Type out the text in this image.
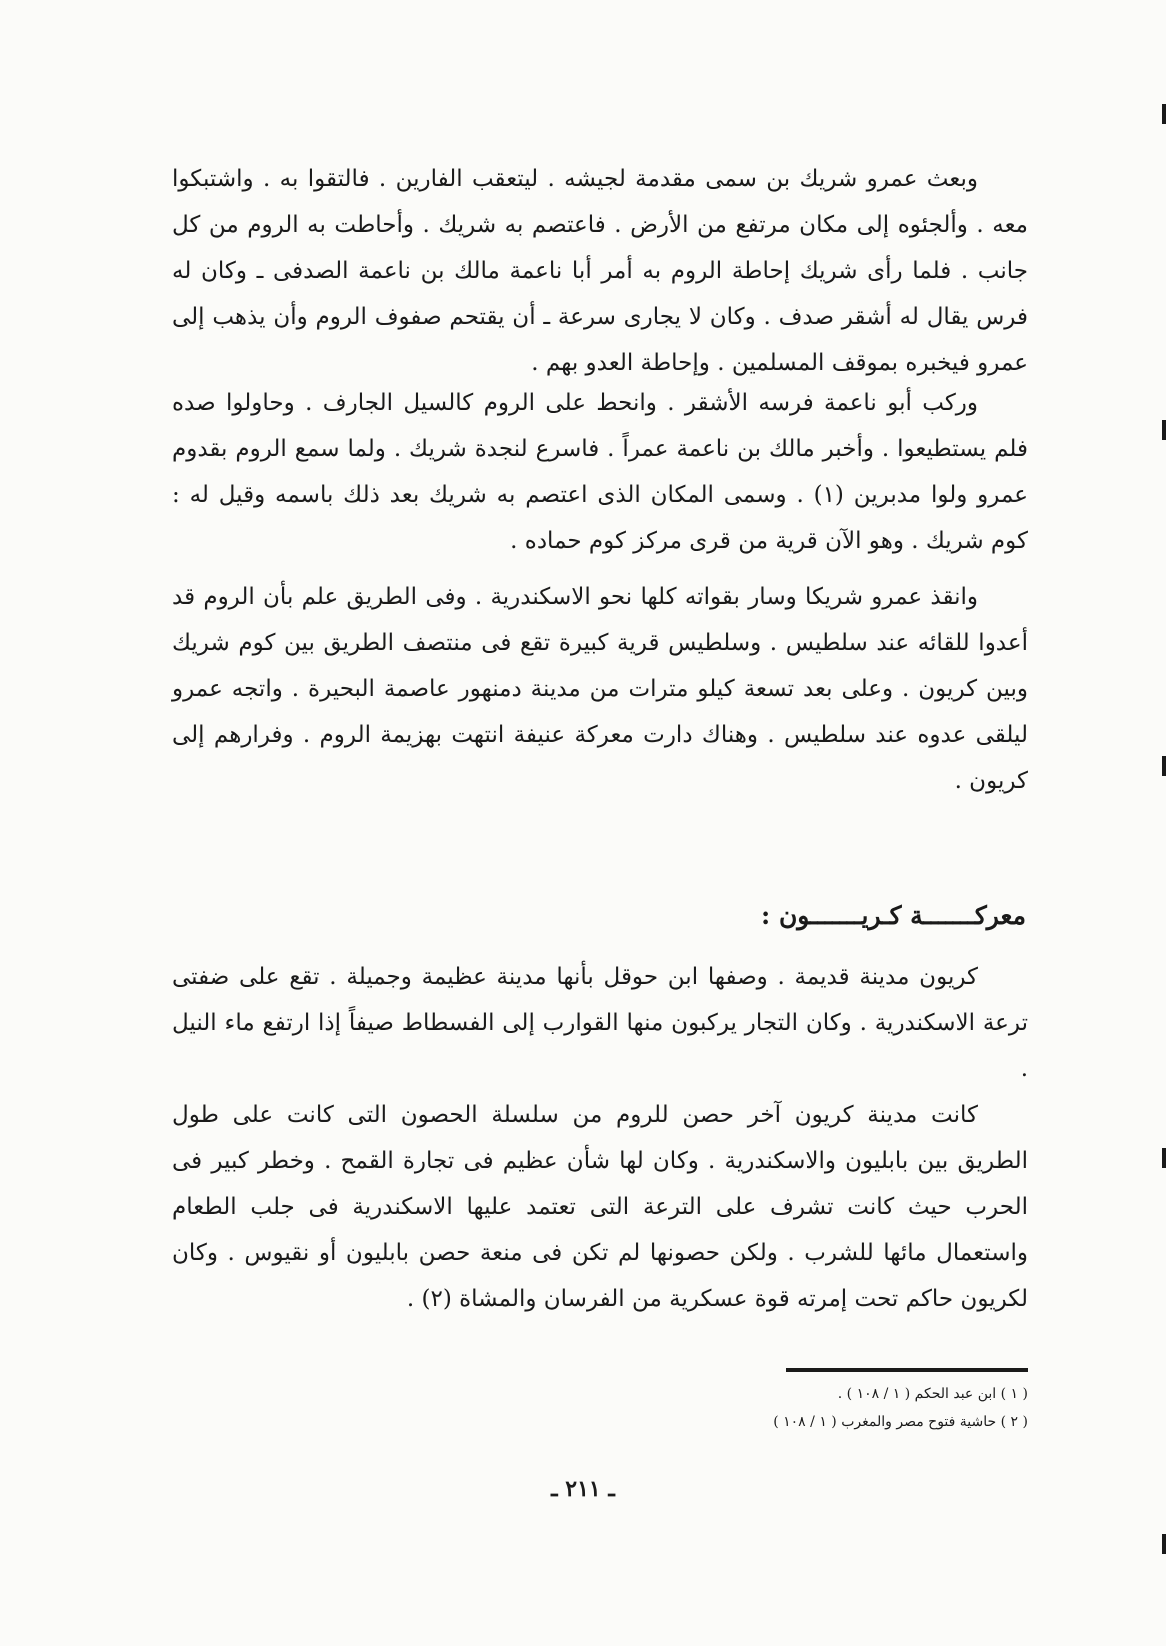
وبعث عمرو شريك بن سمى مقدمة لجيشه . ليتعقب الفارين . فالتقوا به . واشتبكوا معه . وألجئوه إلى مكان مرتفع من الأرض . فاعتصم به شريك . وأحاطت به الروم من كل جانب . فلما رأى شريك إحاطة الروم به أمر أبا ناعمة مالك بن ناعمة الصدفى ـ وكان له فرس يقال له أشقر صدف . وكان لا يجارى سرعة ـ أن يقتحم صفوف الروم وأن يذهب إلى عمرو فيخبره بموقف المسلمين . وإحاطة العدو بهم .

وركب أبو ناعمة فرسه الأشقر . وانحط على الروم كالسيل الجارف . وحاولوا صده فلم يستطيعوا . وأخبر مالك بن ناعمة عمراً . فاسرع لنجدة شريك . ولما سمع الروم بقدوم عمرو ولوا مدبرين (١) . وسمى المكان الذى اعتصم به شريك بعد ذلك باسمه وقيل له : كوم شريك . وهو الآن قرية من قرى مركز كوم حماده .

وانقذ عمرو شريكا وسار بقواته كلها نحو الاسكندرية . وفى الطريق علم بأن الروم قد أعدوا للقائه عند سلطيس . وسلطيس قرية كبيرة تقع فى منتصف الطريق بين كوم شريك وبين كريون . وعلى بعد تسعة كيلو مترات من مدينة دمنهور عاصمة البحيرة . واتجه عمرو ليلقى عدوه عند سلطيس . وهناك دارت معركة عنيفة انتهت بهزيمة الروم . وفرارهم إلى كريون .

معركـــــــة كـريـــــــون :

كريون مدينة قديمة . وصفها ابن حوقل بأنها مدينة عظيمة وجميلة . تقع على ضفتى ترعة الاسكندرية . وكان التجار يركبون منها القوارب إلى الفسطاط صيفاً إذا ارتفع ماء النيل .

كانت مدينة كريون آخر حصن للروم من سلسلة الحصون التى كانت على طول الطريق بين بابليون والاسكندرية . وكان لها شأن عظيم فى تجارة القمح . وخطر كبير فى الحرب حيث كانت تشرف على الترعة التى تعتمد عليها الاسكندرية فى جلب الطعام واستعمال مائها للشرب . ولكن حصونها لم تكن فى منعة حصن بابليون أو نقيوس . وكان لكريون حاكم تحت إمرته قوة عسكرية من الفرسان والمشاة (٢) .

( ١ ) ابن عبد الحكم ( ١ / ١٠٨ ) .
( ٢ ) حاشية فتوح مصر والمغرب ( ١ / ١٠٨ )
ـ ٢١١ ـ
